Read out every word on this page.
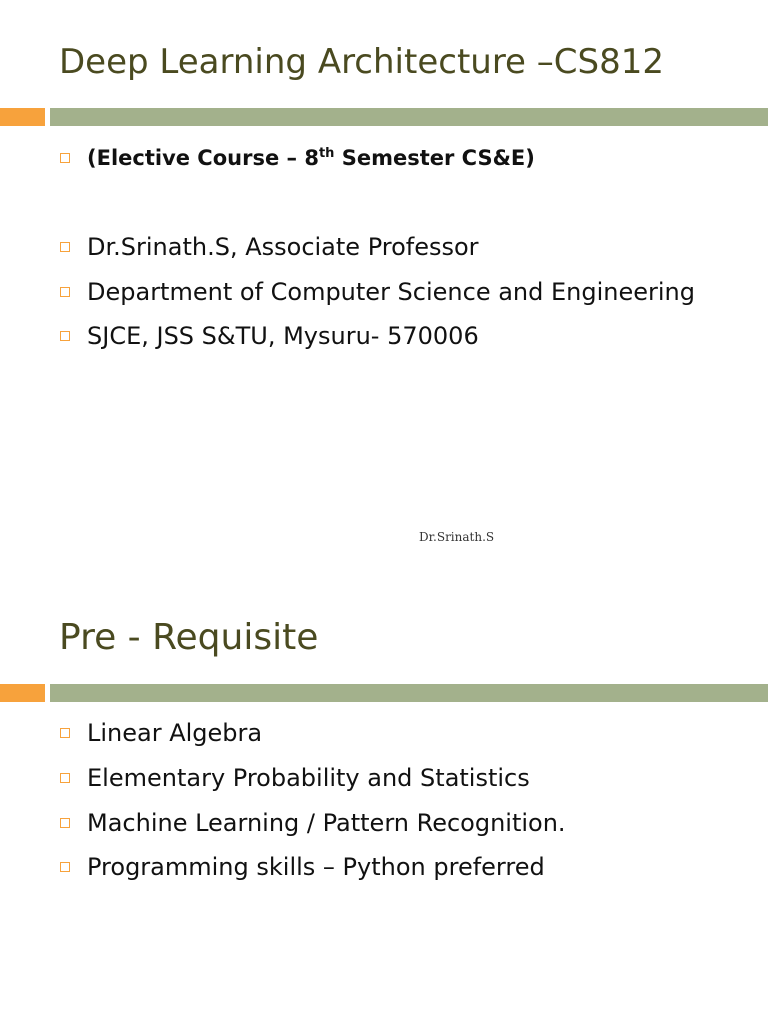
Deep Learning Architecture –CS812
(Elective Course – 8th Semester CS&E)
Dr.Srinath.S, Associate Professor
Department of Computer Science and Engineering
SJCE, JSS S&TU, Mysuru- 570006
Dr.Srinath.S
Pre - Requisite
Linear Algebra
Elementary Probability and Statistics
Machine Learning / Pattern Recognition.
Programming skills – Python preferred
